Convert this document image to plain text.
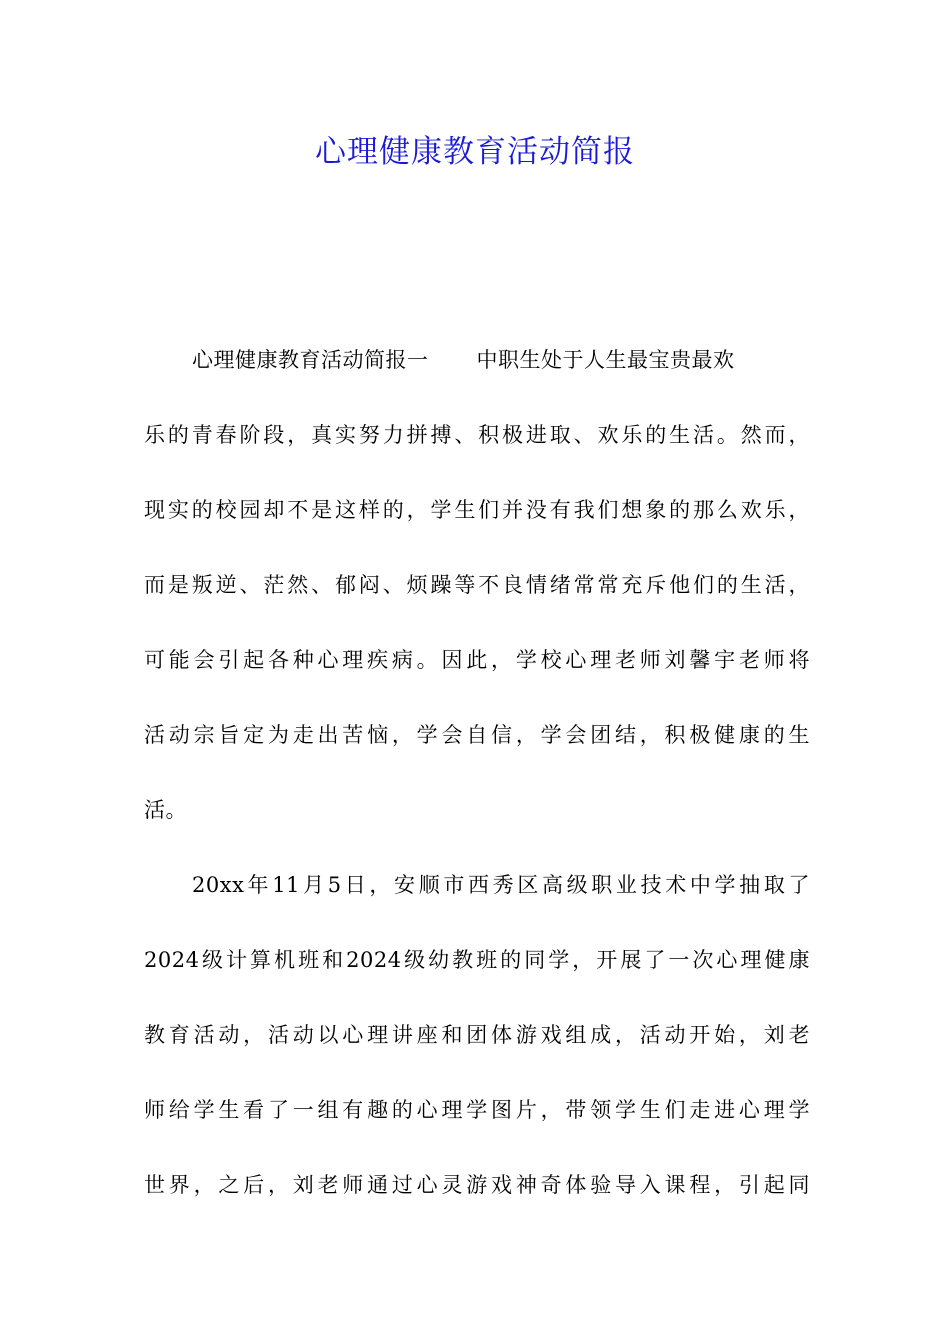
心理健康教育活动简报
心理健康教育活动简报一 中职生处于人生最宝贵最欢
乐的青春阶段，真实努力拼搏、积极进取、欢乐的生活。然而，
现实的校园却不是这样的，学生们并没有我们想象的那么欢乐，
而是叛逆、茫然、郁闷、烦躁等不良情绪常常充斥他们的生活，
可能会引起各种心理疾病。因此，学校心理老师刘馨宇老师将
活动宗旨定为走出苦恼，学会自信，学会团结，积极健康的生
活。
20xx年11月5日，安顺市西秀区高级职业技术中学抽取了
2024级计算机班和2024级幼教班的同学，开展了一次心理健康
教育活动，活动以心理讲座和团体游戏组成，活动开始，刘老
师给学生看了一组有趣的心理学图片，带领学生们走进心理学
世界，之后，刘老师通过心灵游戏神奇体验导入课程，引起同
